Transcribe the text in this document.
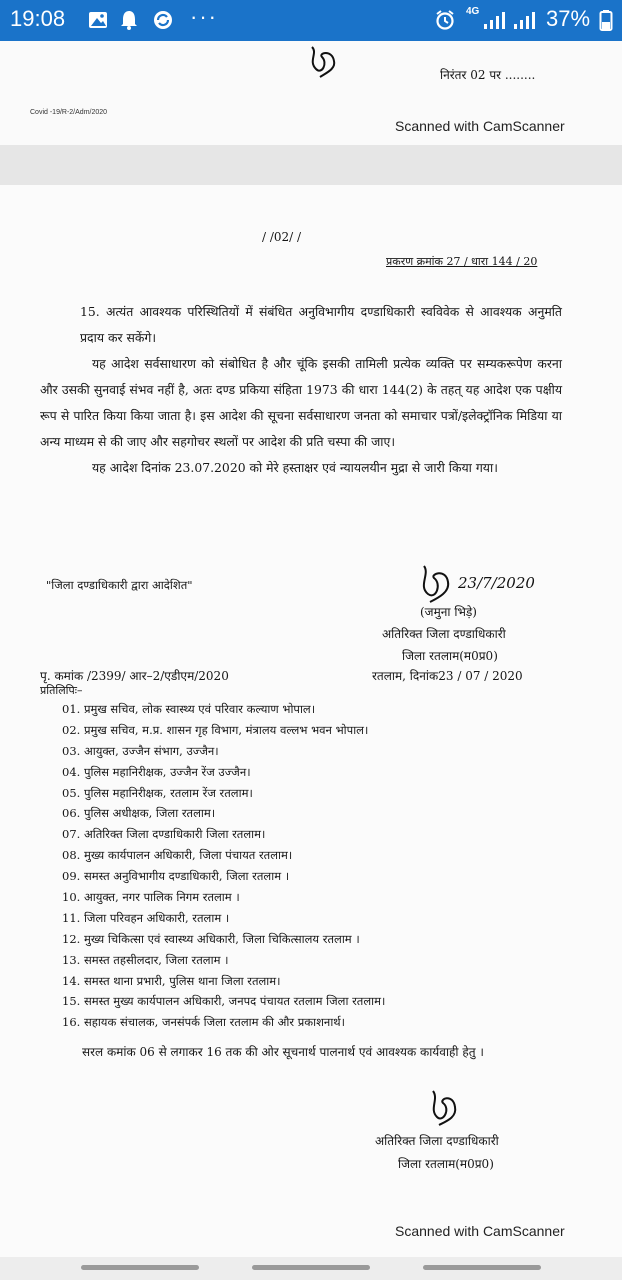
19:08	···	4G	37%
निरंतर 02 पर ........
Covid -19/R-2/Adm/2020
Scanned with CamScanner
/ /02/ /
प्रकरण क्रमांक 27 / धारा 144 / 20

15. अत्यंत आवश्यक परिस्थितियों में संबंधित अनुविभागीय दण्डाधिकारी स्वविवेक से आवश्यक अनुमति प्रदाय कर सकेंगे।

यह आदेश सर्वसाधारण को संबोधित है और चूंकि इसकी तामिली प्रत्येक व्यक्ति पर सम्यकरूपेण करना और उसकी सुनवाई संभव नहीं है, अतः दण्ड प्रकिया संहिता 1973 की धारा 144(2) के तहत् यह आदेश एक पक्षीय रूप से पारित किया किया जाता है। इस आदेश की सूचना सर्वसाधारण जनता को समाचार पत्रों/इलेक्ट्रॉनिक मिडिया या अन्य माध्यम से की जाए और सहगोचर स्थलों पर आदेश की प्रति चस्पा की जाए।

यह आदेश दिनांक 23.07.2020 को मेरे हस्ताक्षर एवं न्यायलयीन मुद्रा से जारी किया गया।

"जिला दण्डाधिकारी द्वारा आदेशित"	23/7/2020
(जमुना भिड़े)
अतिरिक्त जिला दण्डाधिकारी
जिला रतलाम(म0प्र0)
पृ. कमांक /2399/ आर–2/एडीएम/2020	रतलाम, दिनांक23 / 07 / 2020
प्रतिलिपिः–
01. प्रमुख सचिव, लोक स्वास्थ्य एवं परिवार कल्याण भोपाल।
02. प्रमुख सचिव, म.प्र. शासन गृह विभाग, मंत्रालय वल्लभ भवन भोपाल।
03. आयुक्त, उज्जैन संभाग, उज्जैन।
04. पुलिस महानिरीक्षक, उज्जैन रेंज उज्जैन।
05. पुलिस महानिरीक्षक, रतलाम रेंज रतलाम।
06. पुलिस अधीक्षक, जिला रतलाम।
07. अतिरिक्त जिला दण्डाधिकारी जिला रतलाम।
08. मुख्य कार्यपालन अधिकारी, जिला पंचायत रतलाम।
09. समस्त अनुविभागीय दण्डाधिकारी, जिला रतलाम ।
10. आयुक्त, नगर पालिक निगम रतलाम ।
11. जिला परिवहन अधिकारी, रतलाम ।
12. मुख्य चिकित्सा एवं स्वास्थ्य अधिकारी, जिला चिकित्सालय रतलाम ।
13. समस्त तहसीलदार, जिला रतलाम ।
14. समस्त थाना प्रभारी, पुलिस थाना जिला रतलाम।
15. समस्त मुख्य कार्यपालन अधिकारी, जनपद पंचायत रतलाम जिला रतलाम।
16. सहायक संचालक, जनसंपर्क जिला रतलाम की और प्रकाशनार्थ।

सरल कमांक 06 से लगाकर 16 तक की ओर सूचनार्थ पालनार्थ एवं आवश्यक कार्यवाही हेतु ।

अतिरिक्त जिला दण्डाधिकारी
जिला रतलाम(म0प्र0)
Scanned with CamScanner
